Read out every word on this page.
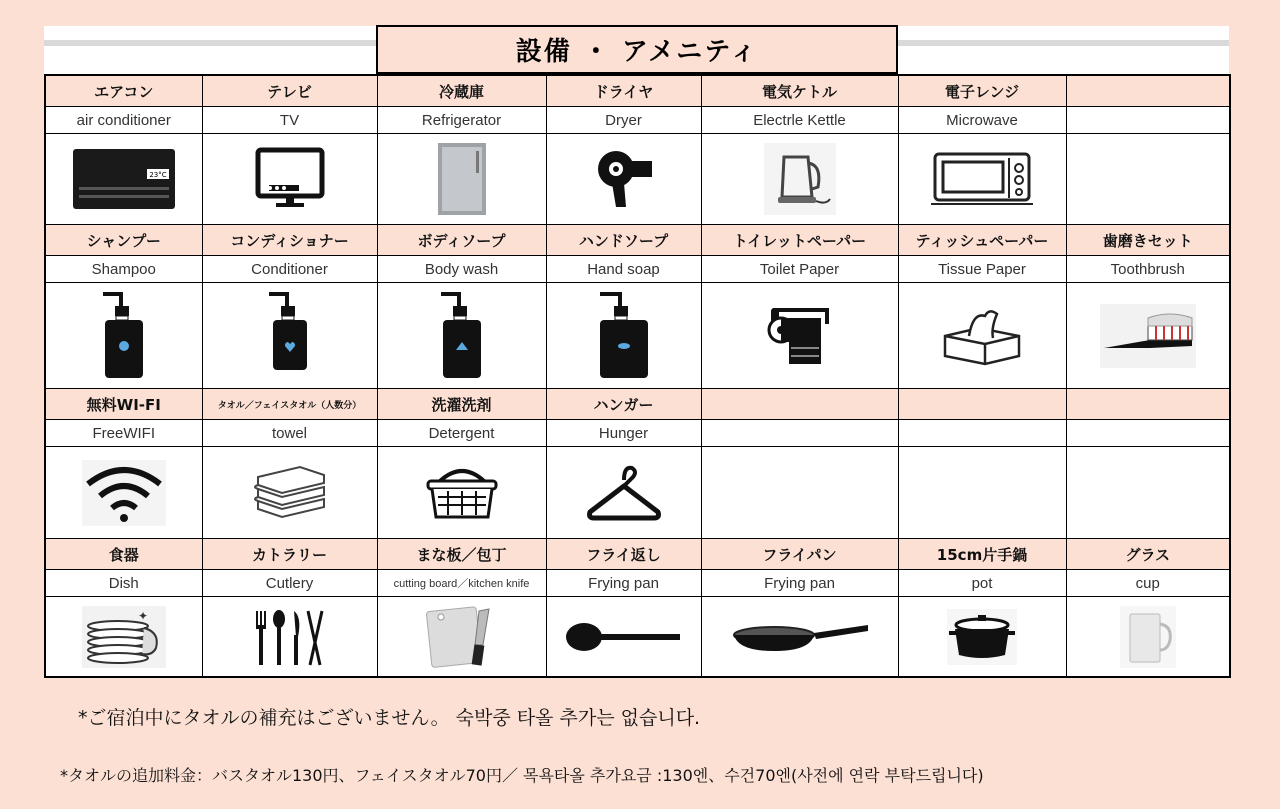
設備 ・ アメニティ
エアコン	テレビ	冷蔵庫	ドライヤ	電気ケトル	電子レンジ	
air conditioner	TV	Refrigerator	Dryer	Electrle Kettle	Microwave	

23°C

シャンプー	コンディショナー	ボディソープ	ハンドソープ	トイレットペーパー	ティッシュペーパー	歯磨きセット
Shampoo	Conditioner	Body wash	Hand soap	Toilet Paper	Tissue Paper	Toothbrush

無料WI-FI	タオル／フェイスタオル（人数分）	洗濯洗剤	ハンガー			
FreeWIFI	towel	Detergent	Hunger			

食器	カトラリー	まな板／包丁	フライ返し	フライパン	15cm片手鍋	グラス
Dish	Cutlery	cutting board／kitchen knife	Frying pan	Frying pan	pot	cup

✦

*ご宿泊中にタオルの補充はございません。 숙박중 타올 추가는 없습니다.
*タオルの追加料金：バスタオル130円、フェイスタオル70円／ 목욕타올 추가요금 :130엔、수건70엔(사전에 연락 부탁드립니다)
